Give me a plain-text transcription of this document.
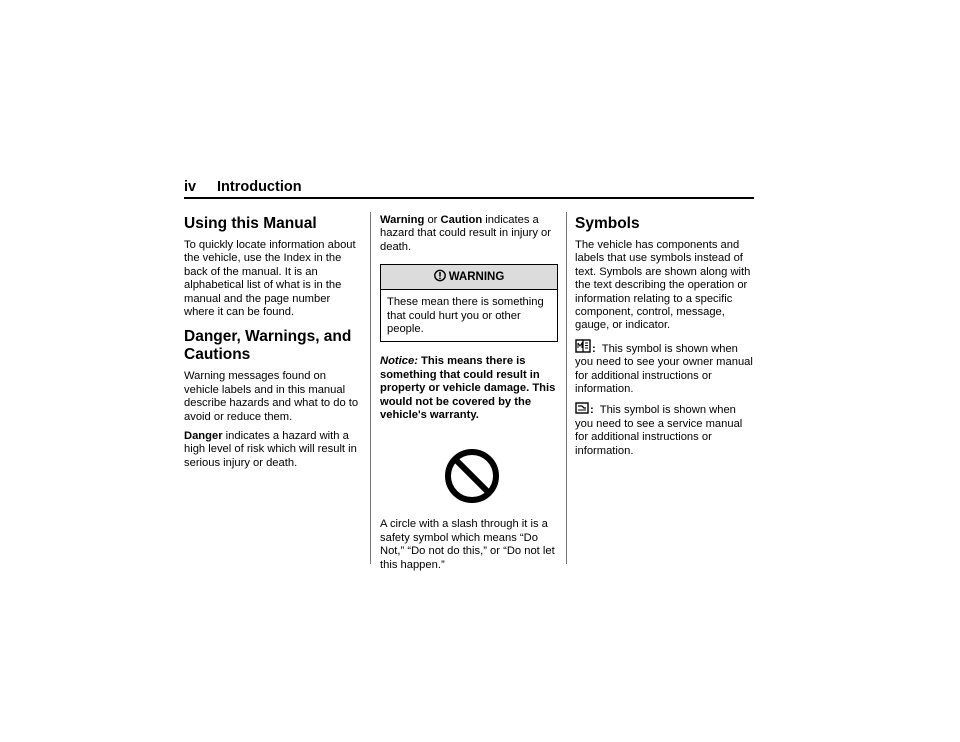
iv Introduction
Using this Manual

To quickly locate information about the vehicle, use the Index in the back of the manual. It is an alphabetical list of what is in the manual and the page number where it can be found.

Danger, Warnings, and Cautions

Warning messages found on vehicle labels and in this manual describe hazards and what to do to avoid or reduce them.

Danger indicates a hazard with a high level of risk which will result in serious injury or death.

Warning or Caution indicates a hazard that could result in injury or death.

WARNING
These mean there is something that could hurt you or other people.

Notice: This means there is something that could result in property or vehicle damage. This would not be covered by the vehicle's warranty.

A circle with a slash through it is a safety symbol which means “Do Not,” “Do not do this,” or “Do not let this happen.”

Symbols

The vehicle has components and labels that use symbols instead of text. Symbols are shown along with the text describing the operation or information relating to a specific component, control, message, gauge, or indicator.

: This symbol is shown when you need to see your owner manual for additional instructions or information.

: This symbol is shown when you need to see a service manual for additional instructions or information.
